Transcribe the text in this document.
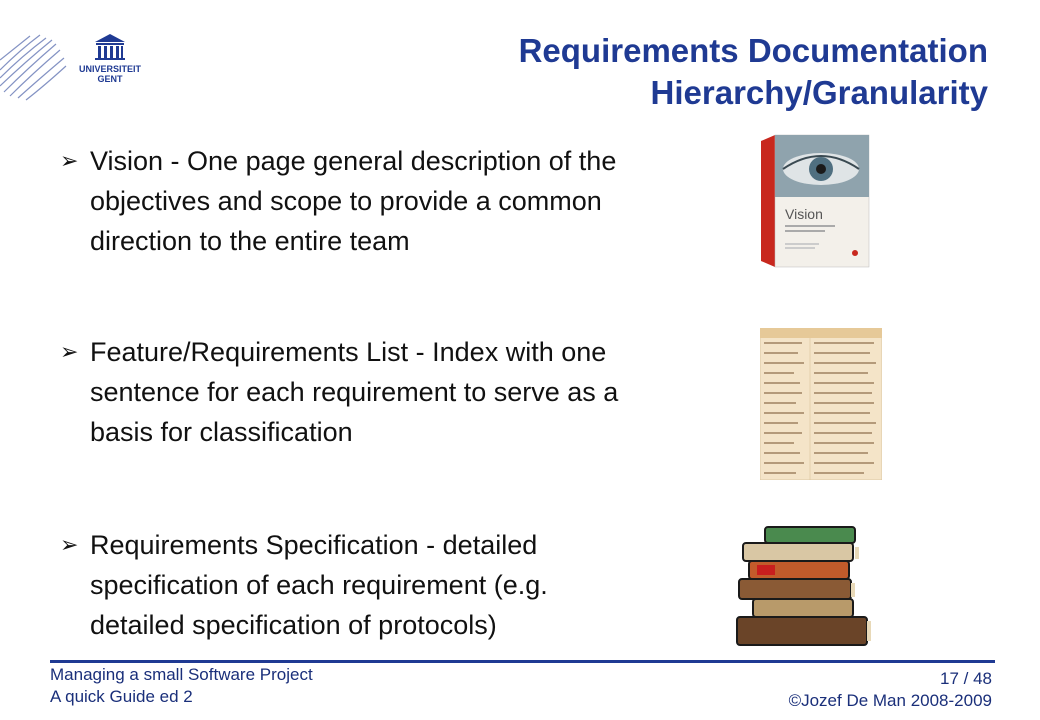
UNIVERSITEIT
GENT
Requirements Documentation
Hierarchy/Granularity
➢ Vision - One page general description of the
objectives and scope to provide a common
direction to the entire team
➢ Feature/Requirements List - Index with one
sentence for each requirement to serve as a
basis for classification
➢ Requirements Specification - detailed
specification of each requirement (e.g.
detailed specification of protocols)
Vision
Managing a small Software Project
A quick Guide ed 2
17 / 48
©Jozef De Man 2008-2009
